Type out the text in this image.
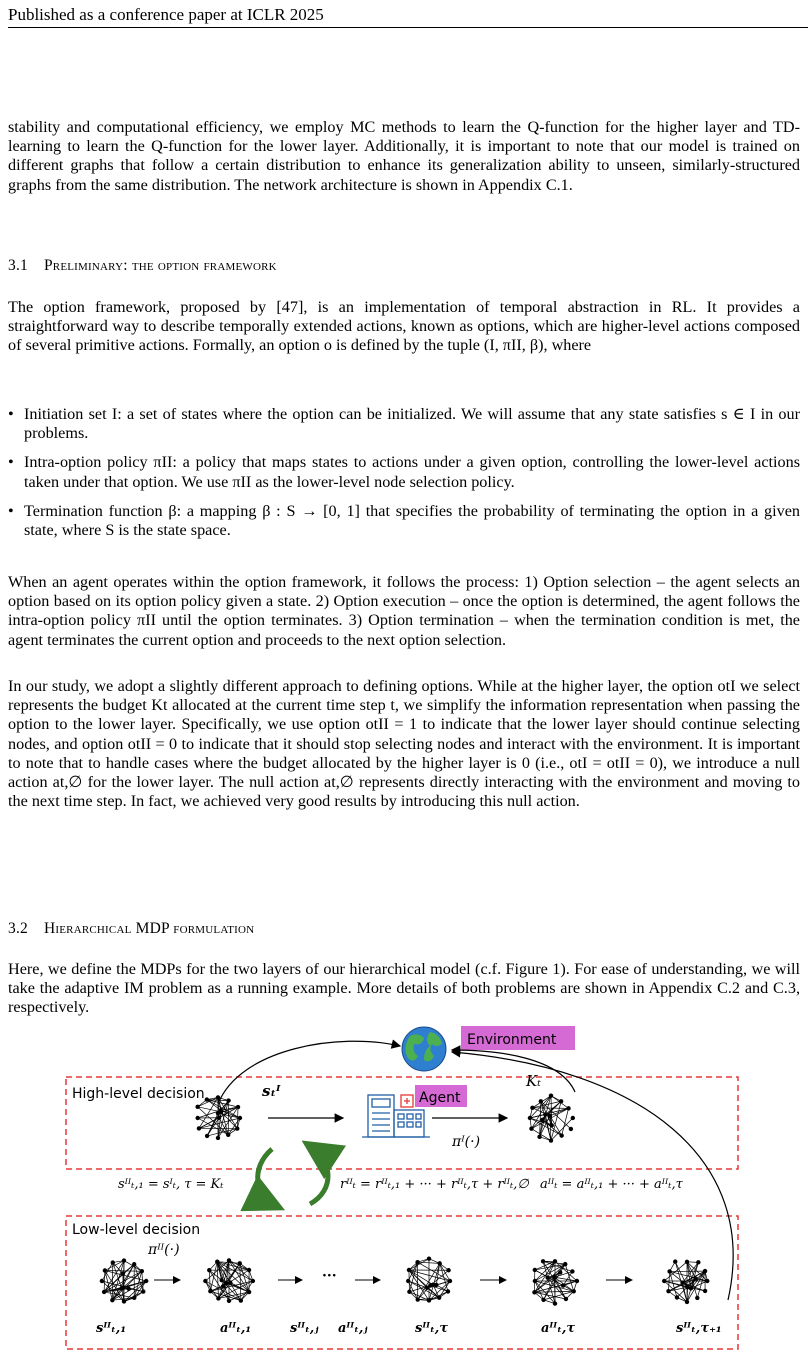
Published as a conference paper at ICLR 2025

stability and computational efficiency, we employ MC methods to learn the Q-function for the higher layer and TD-learning to learn the Q-function for the lower layer. Additionally, it is important to note that our model is trained on different graphs that follow a certain distribution to enhance its generalization ability to unseen, similarly-structured graphs from the same distribution. The network architecture is shown in Appendix C.1.

3.1 Preliminary: the option framework

The option framework, proposed by [47], is an implementation of temporal abstraction in RL. It provides a straightforward way to describe temporally extended actions, known as options, which are higher-level actions composed of several primitive actions. Formally, an option o is defined by the tuple (I, πII, β), where

• Initiation set I: a set of states where the option can be initialized. We will assume that any state satisfies s ∈ I in our problems.
• Intra-option policy πII: a policy that maps states to actions under a given option, controlling the lower-level actions taken under that option. We use πII as the lower-level node selection policy.
• Termination function β: a mapping β : S → [0, 1] that specifies the probability of terminating the option in a given state, where S is the state space.

When an agent operates within the option framework, it follows the process: 1) Option selection – the agent selects an option based on its option policy given a state. 2) Option execution – once the option is determined, the agent follows the intra-option policy πII until the option terminates. 3) Option termination – when the termination condition is met, the agent terminates the current option and proceeds to the next option selection.

In our study, we adopt a slightly different approach to defining options. While at the higher layer, the option otI we select represents the budget Kt allocated at the current time step t, we simplify the information representation when passing the option to the lower layer. Specifically, we use option otII = 1 to indicate that the lower layer should continue selecting nodes, and option otII = 0 to indicate that it should stop selecting nodes and interact with the environment. It is important to note that to handle cases where the budget allocated by the higher layer is 0 (i.e., otI = otII = 0), we introduce a null action at,∅ for the lower layer. The null action at,∅ represents directly interacting with the environment and moving to the next time step. In fact, we achieved very good results by introducing this null action.

3.2 Hierarchical MDP formulation

Here, we define the MDPs for the two layers of our hierarchical model (c.f. Figure 1). For ease of understanding, we will take the adaptive IM problem as a running example. More details of both problems are shown in Appendix C.2 and C.3, respectively.

Environment
High-level decision	Agent
sₜᴵ
Kₜ
πᴵ(·)
sᴵᴵₜ,₁ = sᴵₜ, τ = Kₜ	rᴵᴵₜ = rᴵᴵₜ,₁ + ··· + rᴵᴵₜ,τ + rᴵᴵₜ,∅ aᴵᴵₜ = aᴵᴵₜ,₁ + ··· + aᴵᴵₜ,τ
Low-level decision
πᴵᴵ(·)
···
sᴵᴵₜ,₁	aᴵᴵₜ,₁	sᴵᴵₜ,ⱼ aᴵᴵₜ,ⱼ	sᴵᴵₜ,τ	aᴵᴵₜ,τ	sᴵᴵₜ,τ₊₁
